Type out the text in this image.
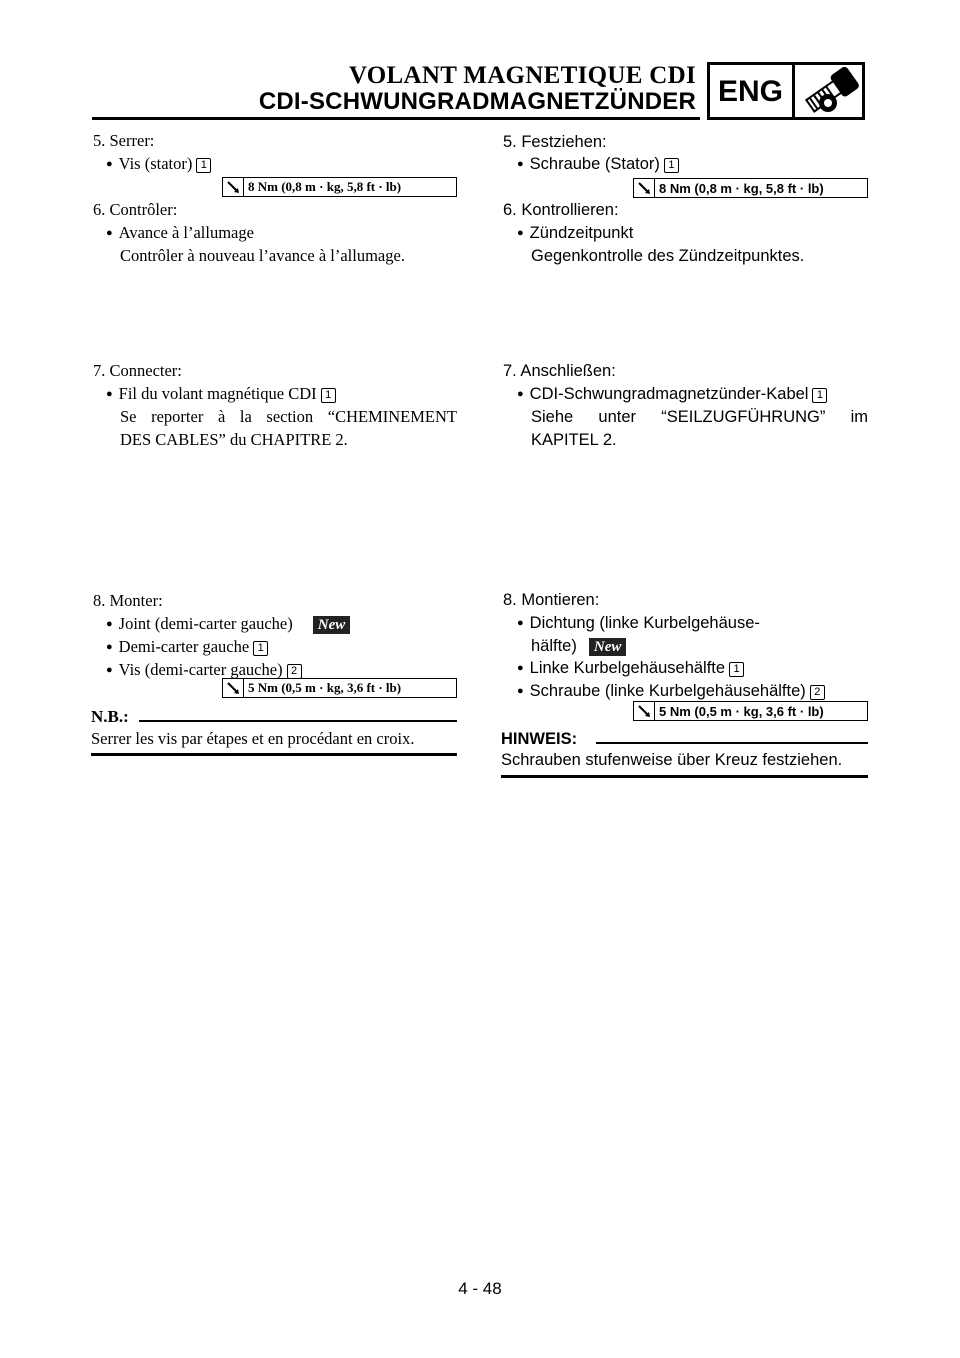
VOLANT MAGNETIQUE CDI
CDI-SCHWUNGRADMAGNETZÜNDER ENG
5. Serrer:
● Vis (stator) 1
8 Nm (0,8 m · kg, 5,8 ft · lb)
6. Contrôler:
● Avance à l’allumage
Contrôler à nouveau l’avance à l’allumage.
7. Connecter:
● Fil du volant magnétique CDI 1
Se reporter à la section “CHEMINEMENT
DES CABLES” du CHAPITRE 2.
8. Monter:
● Joint (demi-carter gauche) New
● Demi-carter gauche 1
● Vis (demi-carter gauche) 2
5 Nm (0,5 m · kg, 3,6 ft · lb)
N.B.:
Serrer les vis par étapes et en procédant en croix.
5. Festziehen:
● Schraube (Stator) 1
8 Nm (0,8 m · kg, 5,8 ft · lb)
6. Kontrollieren:
● Zündzeitpunkt
Gegenkontrolle des Zündzeitpunktes.
7. Anschließen:
● CDI-Schwungradmagnetzünder-Kabel 1
Siehe unter “SEILZUGFÜHRUNG” im
KAPITEL 2.
8. Montieren:
● Dichtung (linke Kurbelgehäuse-
hälfte) New
● Linke Kurbelgehäusehälfte 1
● Schraube (linke Kurbelgehäusehälfte) 2
5 Nm (0,5 m · kg, 3,6 ft · lb)
HINWEIS:
Schrauben stufenweise über Kreuz festziehen.
4 - 48
